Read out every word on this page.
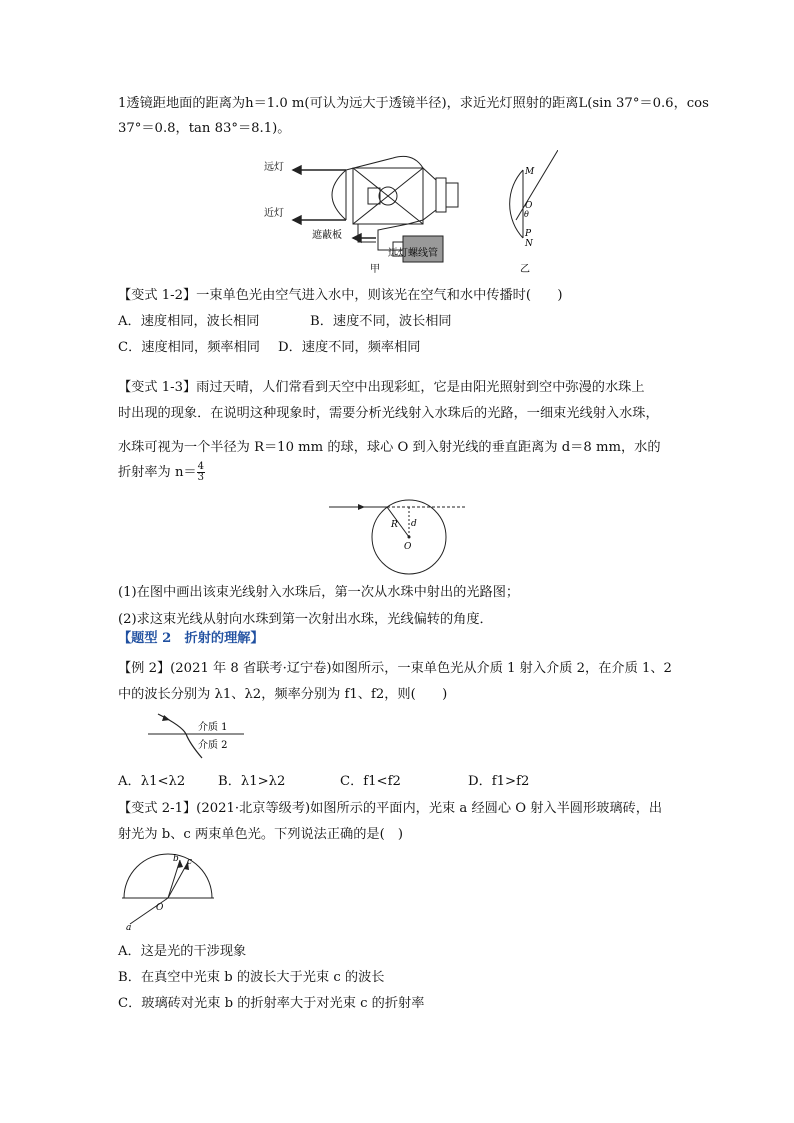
1透镜距地面的距离为h＝1.0 m(可认为远大于透镜半径)，求近光灯照射的距离L(sin 37°＝0.6，cos
37°＝0.8，tan 83°＝8.1)。
远灯
近灯
遮蔽板
远灯螺线管
甲
M
O
θ
P
N
乙
【变式 1-2】一束单色光由空气进入水中，则该光在空气和水中传播时(　　)
A．速度相同，波长相同	B．速度不同，波长相同
C．速度相同，频率相同 D．速度不同，频率相同
【变式 1-3】雨过天晴，人们常看到天空中出现彩虹，它是由阳光照射到空中弥漫的水珠上
时出现的现象．在说明这种现象时，需要分析光线射入水珠后的光路，一细束光线射入水珠，
水珠可视为一个半径为 R＝10 mm 的球，球心 O 到入射光线的垂直距离为 d＝8 mm，水的
折射率为 $n= \frac{4}{3}$
R d
O
(1)在图中画出该束光线射入水珠后，第一次从水珠中射出的光路图；
(2)求这束光线从射向水珠到第一次射出水珠，光线偏转的角度．
【题型 2　折射的理解】
【例 2】(2021 年 8 省联考·辽宁卷)如图所示，一束单色光从介质 1 射入介质 2，在介质 1、2
中的波长分别为 λ1、λ2，频率分别为 f1、f2，则(　　)
介质 1
介质 2
A．λ1<λ2 B．λ1>λ2	C．f1<f2	D．f1>f2
【变式 2-1】(2021·北京等级考)如图所示的平面内，光束 a 经圆心 O 射入半圆形玻璃砖，出
射光为 b、c 两束单色光。下列说法正确的是(　)
a
b c
O
A．这是光的干涉现象
B．在真空中光束 b 的波长大于光束 c 的波长
C．玻璃砖对光束 b 的折射率大于对光束 c 的折射率
